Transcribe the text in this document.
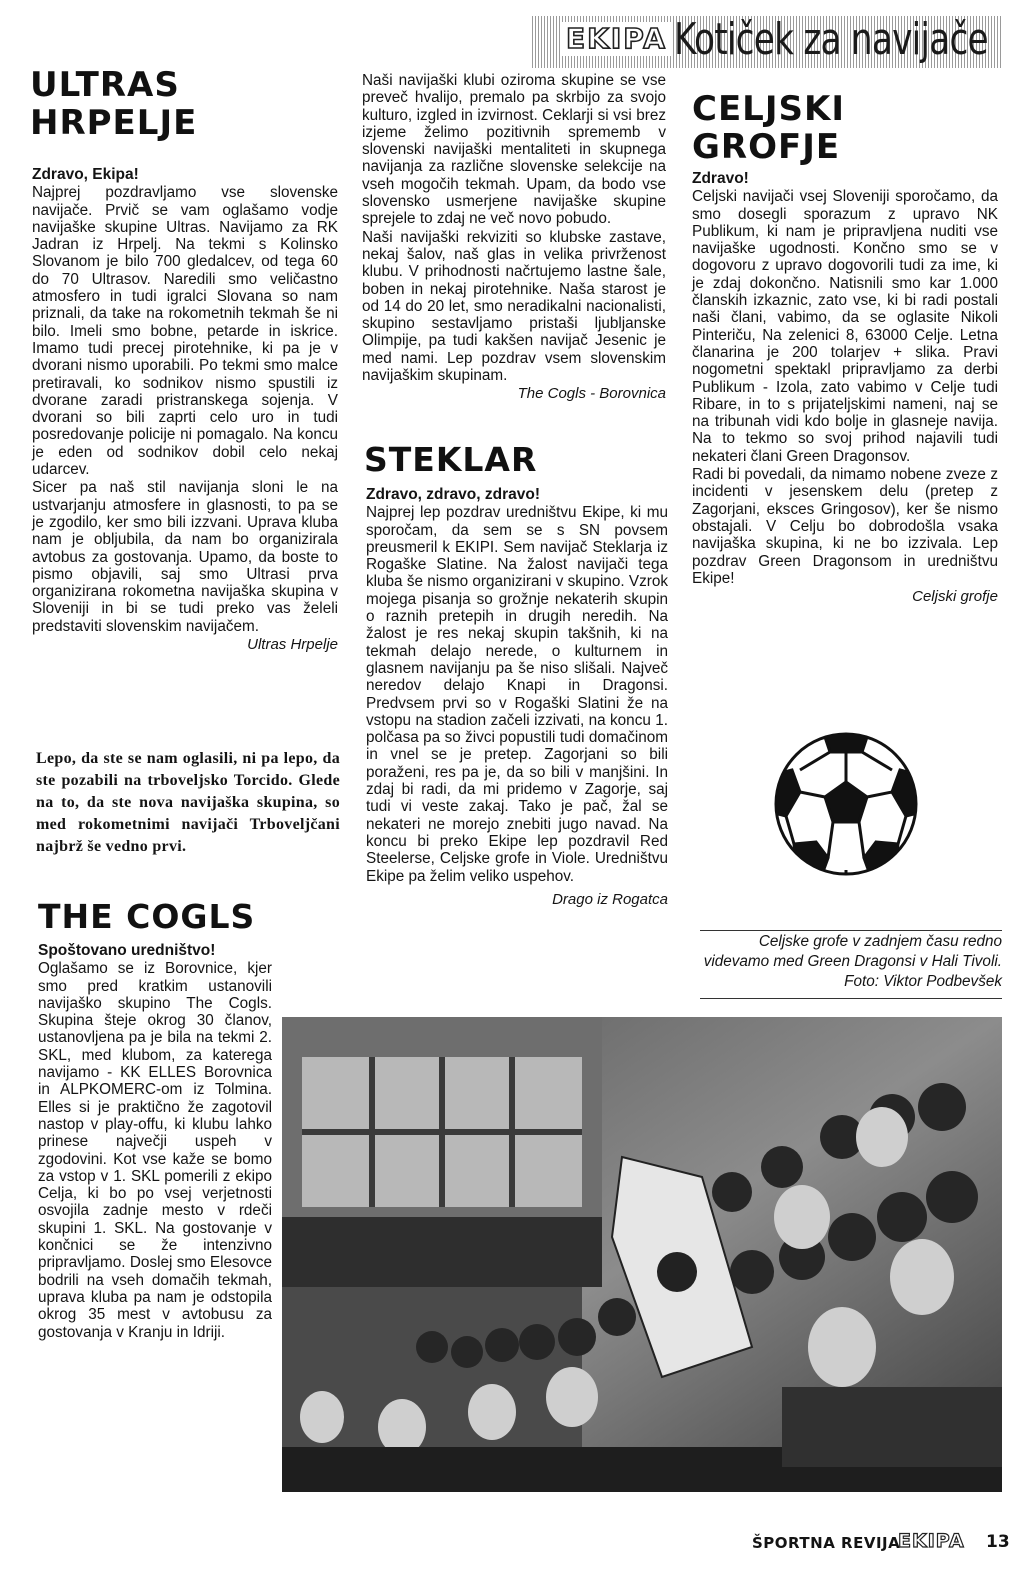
EKIPA Kotiček za navijače
ULTRAS
HRPELJE

Zdravo, Ekipa!

Najprej pozdravljamo vse slovenske navijače. Prvič se vam oglašamo vodje navijaške skupine Ultras. Navijamo za RK Jadran iz Hrpelj. Na tekmi s Kolinsko Slovanom je bilo 700 gledalcev, od tega 60 do 70 Ultrasov. Naredili smo veličastno atmosfero in tudi igralci Slovana so nam priznali, da take na rokometnih tekmah še ni bilo. Imeli smo bobne, petarde in iskrice. Imamo tudi precej pirotehnike, ki pa je v dvorani nismo uporabili. Po tekmi smo malce pretiravali, ko sodnikov nismo spustili iz dvorane zaradi pristranskega sojenja. V dvorani so bili zaprti celo uro in tudi posredovanje policije ni pomagalo. Na koncu je eden od sodnikov dobil celo nekaj udarcev.

Sicer pa naš stil navijanja sloni le na ustvarjanju atmosfere in glasnosti, to pa se je zgodilo, ker smo bili izzvani. Uprava kluba nam je obljubila, da nam bo organizirala avtobus za gostovanja. Upamo, da boste to pismo objavili, saj smo Ultrasi prva organizirana rokometna navijaška skupina v Sloveniji in bi se tudi preko vas želeli predstaviti slovenskim navijačem.

Ultras Hrpelje

Lepo, da ste se nam oglasili, ni pa lepo, da ste pozabili na trboveljsko Torcido. Glede na to, da ste nova navijaška skupina, so med rokometnimi navijači Trboveljčani najbrž še vedno prvi.
THE COGLS

Spoštovano uredništvo!

Oglašamo se iz Borovnice, kjer smo pred kratkim ustanovili navijaško skupino The Cogls. Skupina šteje okrog 30 članov, ustanovljena pa je bila na tekmi 2. SKL, med klubom, za katerega navijamo - KK ELLES Borovnica in ALPKOMERC-om iz Tolmina. Elles si je praktično že zagotovil nastop v play-offu, ki klubu lahko prinese največji uspeh v zgodovini. Kot vse kaže se bomo za vstop v 1. SKL pomerili z ekipo Celja, ki bo po vsej verjetnosti osvojila zadnje mesto v rdeči skupini 1. SKL. Na gostovanje v končnici se že intenzivno pripravljamo. Doslej smo Elesovce bodrili na vseh domačih tekmah, uprava kluba pa nam je odstopila okrog 35 mest v avtobusu za gostovanja v Kranju in Idriji.

Naši navijaški klubi oziroma skupine se vse preveč hvalijo, premalo pa skrbijo za svojo kulturo, izgled in izvirnost. Ceklarji si vsi brez izjeme želimo pozitivnih sprememb v slovenski navijaški mentaliteti in skupnega navijanja za različne slovenske selekcije na vseh mogočih tekmah. Upam, da bodo vse slovensko usmerjene navijaške skupine sprejele to zdaj ne več novo pobudo.

Naši navijaški rekviziti so klubske zastave, nekaj šalov, naš glas in velika privrženost klubu. V prihodnosti načrtujemo lastne šale, boben in nekaj pirotehnike. Naša starost je od 14 do 20 let, smo neradikalni nacionalisti, skupino sestavljamo pristaši ljubljanske Olimpije, pa tudi kakšen navijač Jesenic je med nami. Lep pozdrav vsem slovenskim navijaškim skupinam.

The Cogls - Borovnica

STEKLAR

Zdravo, zdravo, zdravo!

Najprej lep pozdrav uredništvu Ekipe, ki mu sporočam, da sem se s SN povsem preusmeril k EKIPI. Sem navijač Steklarja iz Rogaške Slatine. Na žalost navijači tega kluba še nismo organizirani v skupino. Vzrok mojega pisanja so grožnje nekaterih skupin o raznih pretepih in drugih neredih. Na žalost je res nekaj skupin takšnih, ki na tekmah delajo nerede, o kulturnem in glasnem navijanju pa še niso slišali. Največ neredov delajo Knapi in Dragonsi. Predvsem prvi so v Rogaški Slatini že na vstopu na stadion začeli izzivati, na koncu 1. polčasa pa so živci popustili tudi domačinom in vnel se je pretep. Zagorjani so bili poraženi, res pa je, da so bili v manjšini. In zdaj bi radi, da mi pridemo v Zagorje, saj tudi vi veste zakaj. Tako je pač, žal se nekateri ne morejo znebiti jugo navad. Na koncu bi preko Ekipe lep pozdravil Red Steelerse, Celjske grofe in Viole. Uredništvu Ekipe pa želim veliko uspehov.

Drago iz Rogatca

CELJSKI
GROFJE

Zdravo!

Celjski navijači vsej Sloveniji sporočamo, da smo dosegli sporazum z upravo NK Publikum, ki nam je pripravljena nuditi vse navijaške ugodnosti. Končno smo se v dogovoru z upravo dogovorili tudi za ime, ki je zdaj dokončno. Natisnili smo kar 1.000 članskih izkaznic, zato vse, ki bi radi postali naši člani, vabimo, da se oglasite Nikoli Pinteriču, Na zelenici 8, 63000 Celje. Letna članarina je 200 tolarjev + slika. Pravi nogometni spektakl pripravljamo za derbi Publikum - Izola, zato vabimo v Celje tudi Ribare, in to s prijateljskimi nameni, naj se na tribunah vidi kdo bolje in glasneje navija. Na to tekmo so svoj prihod najavili tudi nekateri člani Green Dragonsov.

Radi bi povedali, da nimamo nobene zveze z incidenti v jesenskem delu (pretep z Zagorjani, eksces Gringosov), ker še nismo obstajali. V Celju bo dobrodošla vsaka navijaška skupina, ki ne bo izzivala. Lep pozdrav Green Dragonsom in uredništvu Ekipe!

Celjski grofje

Celjske grofe v zadnjem času redno videvamo med Green Dragonsi v Hali Tivoli. Foto: Viktor Podbevšek
ŠPORTNA REVIJA
EKIPA 13
